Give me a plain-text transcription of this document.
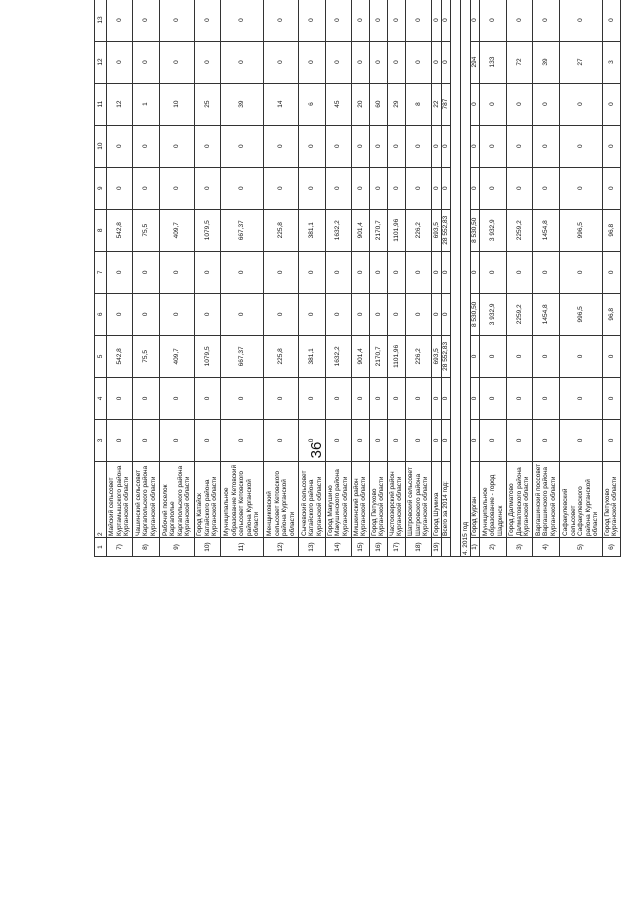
36
1	2	3	4	5	6	7	8	9	10	11	12	13							
7)	Майский сельсовет Куртамышского района Курганской области	0	0	542,8	0	0	542,8	0	0	12	0	0							
8)	Чашинский сельсовет Каргапольского района Курганской области	0	0	75,5	0	0	75,5	0	0	1	0	0							
9)	Рабочий поселок Каргаполье Каргапольского района Курганской области	0	0	409,7	0	0	409,7	0	0	10	0	0							
10)	Город Катайск Катайского района Курганской области	0	0	1079,5	0	0	1079,5	0	0	25	0	0							
11)	Муниципальное образование Кетовский сельсовет Кетовского района Курганской области	0	0	667,37	0	0	667,37	0	0	39	0	0							
12)	Менщиковский сельсовет Кетовского района Курганской области	0	0	225,8	0	0	225,8	0	0	14	0	0							
13)	Сычевский сельсовет Катайского района Курганской области	0	0	381,1	0	0	381,1	0	0	6	0	0							
14)	Город Макушино Макушинского района Курганской области	0	0	1632,2	0	0	1632,2	0	0	45	0	0							
15)	Мишкинский район Курганской области	0	0	901,4	0	0	901,4	0	0	20	0	0							
16)	Город Петухово Курганской области	0	0	2170,7	0	0	2170,7	0	0	60	0	0							
17)	Частоозерский район Курганской области	0	0	1101,96	0	0	1101,96	0	0	29	0	0							
18)	Шатровский сельсовет Шатровского района Курганской области	0	0	226,2	0	0	226,2	0	0	8	0	0							
19)	Город Шумиха	0	0	693,5	0	0	693,5	0	0	22	0	0							
	Всего за 2014 год:	0	0	28 552,83	0	0	28 552,83	0	0	787	0	0							

4. 2015 год																			
1)	Город Курган	0	0	0	8 530,50	0	8 530,50	0	0	0	294	0							
2)	Муниципальное образование - город Шадринск	0	0	0	3 932,9	0	3 932,9	0	0	0	133	0							
3)	Город Далматово Далматовского района Курганской области	0	0	0	2259,2	0	2259,2	0	0	0	72	0							
4)	Варгашинский поссовет Варгашинского района Курганской области	0	0	0	1454,8	0	1454,8	0	0	0	39	0							
5)	Сафакулевский сельсовет Сафакулевского района Курганской области	0	0	0	996,5	0	996,5	0	0	0	27	0							
6)	Город Петухово Курганской области	0	0	0	96,8	0	96,8	0	0	0	3	0							
